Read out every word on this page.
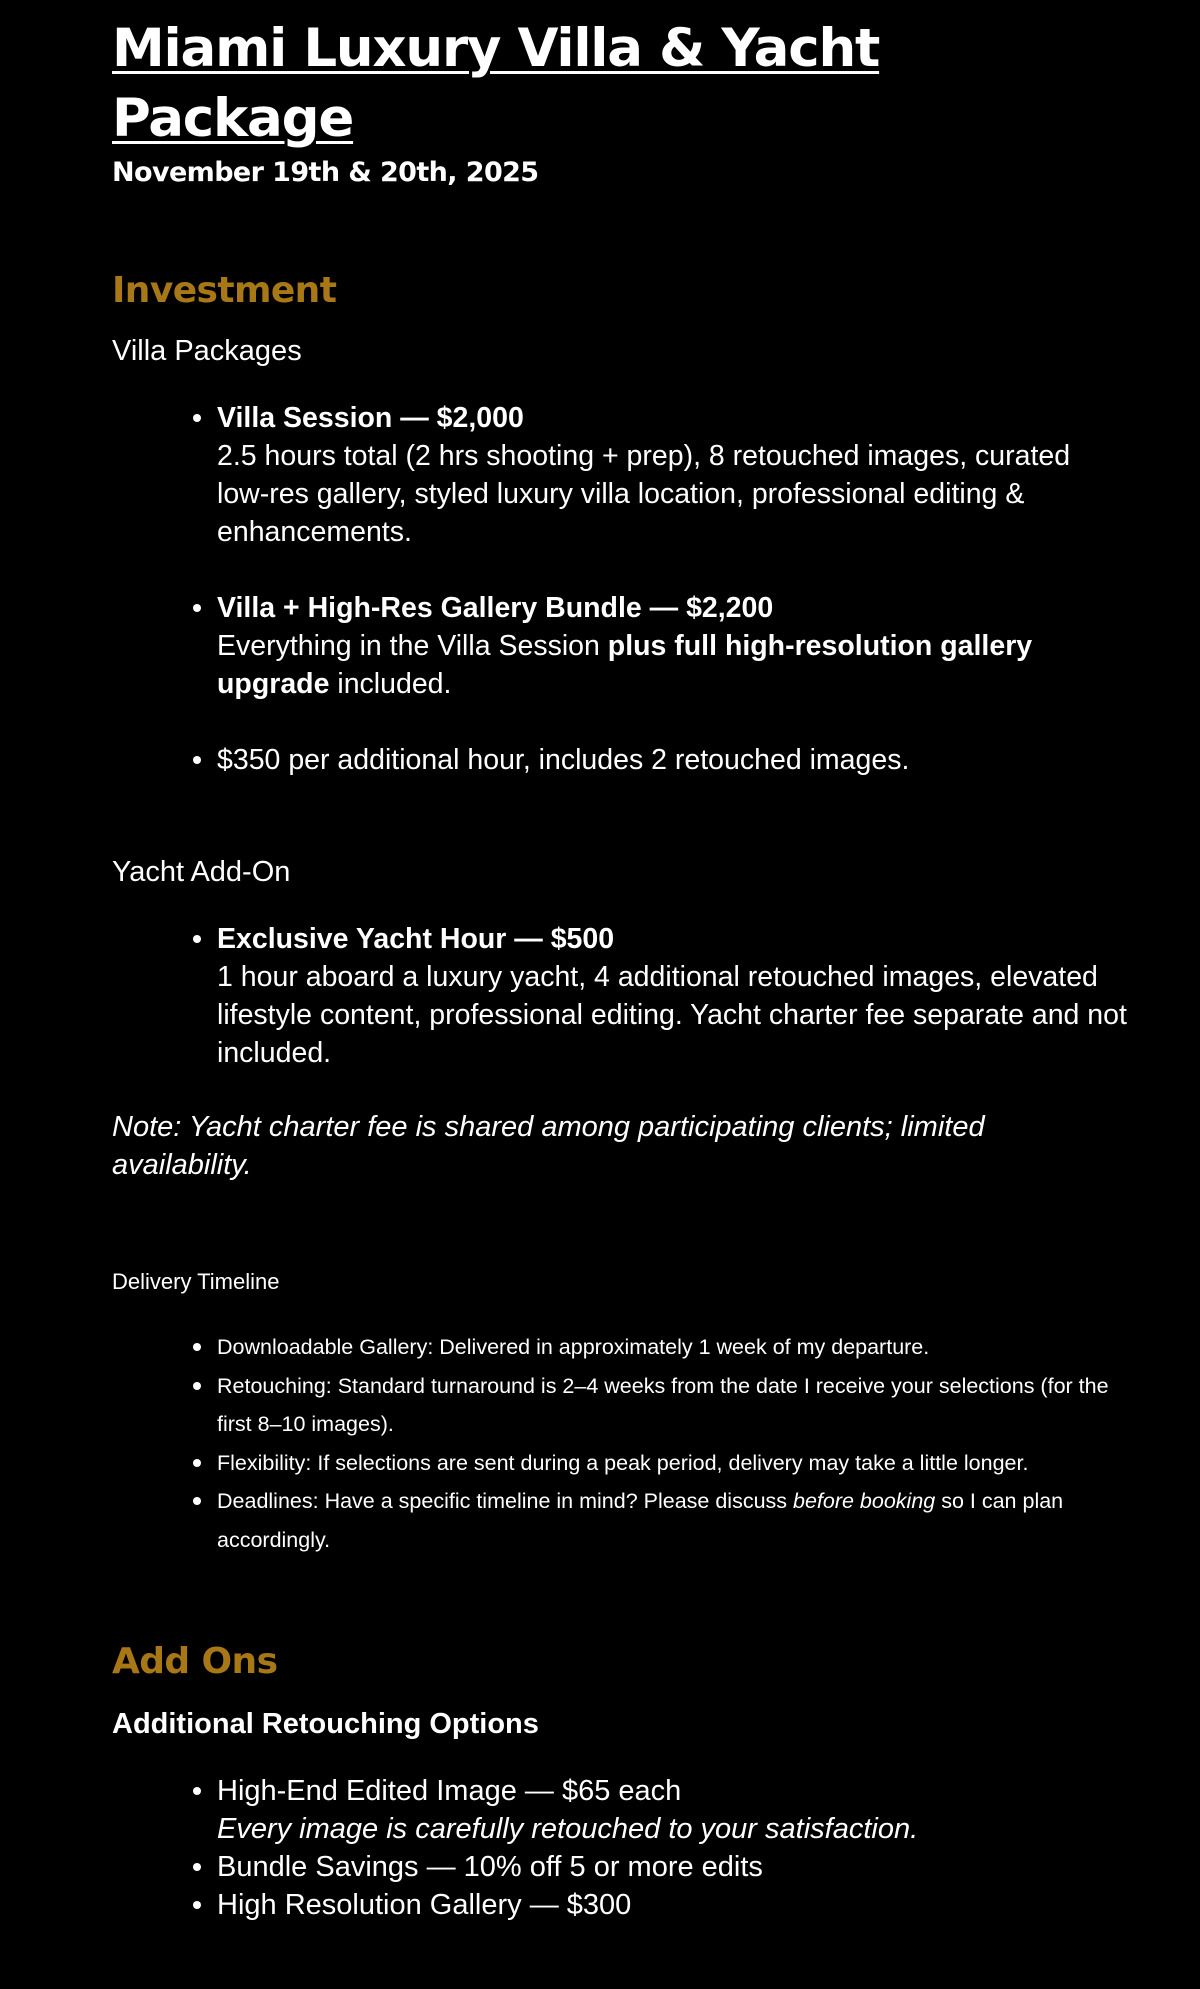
Miami Luxury Villa & Yacht Package
November 19th & 20th, 2025
Investment

Villa Packages

Villa Session — $2,000
2.5 hours total (2 hrs shooting + prep), 8 retouched images, curated low-res gallery, styled luxury villa location, professional editing & enhancements.
Villa + High-Res Gallery Bundle — $2,200
Everything in the Villa Session plus full high-resolution gallery upgrade included.
$350 per additional hour, includes 2 retouched images.

Yacht Add-On

Exclusive Yacht Hour — $500
1 hour aboard a luxury yacht, 4 additional retouched images, elevated lifestyle content, professional editing. Yacht charter fee separate and not included.

Note: Yacht charter fee is shared among participating clients; limited availability.

Delivery Timeline

Downloadable Gallery: Delivered in approximately 1 week of my departure.
Retouching: Standard turnaround is 2–4 weeks from the date I receive your selections (for the first 8–10 images).
Flexibility: If selections are sent during a peak period, delivery may take a little longer.
Deadlines: Have a specific timeline in mind? Please discuss before booking so I can plan accordingly.
Add Ons

Additional Retouching Options

High-End Edited Image — $65 each
Every image is carefully retouched to your satisfaction.
Bundle Savings — 10% off 5 or more edits
High Resolution Gallery — $300
